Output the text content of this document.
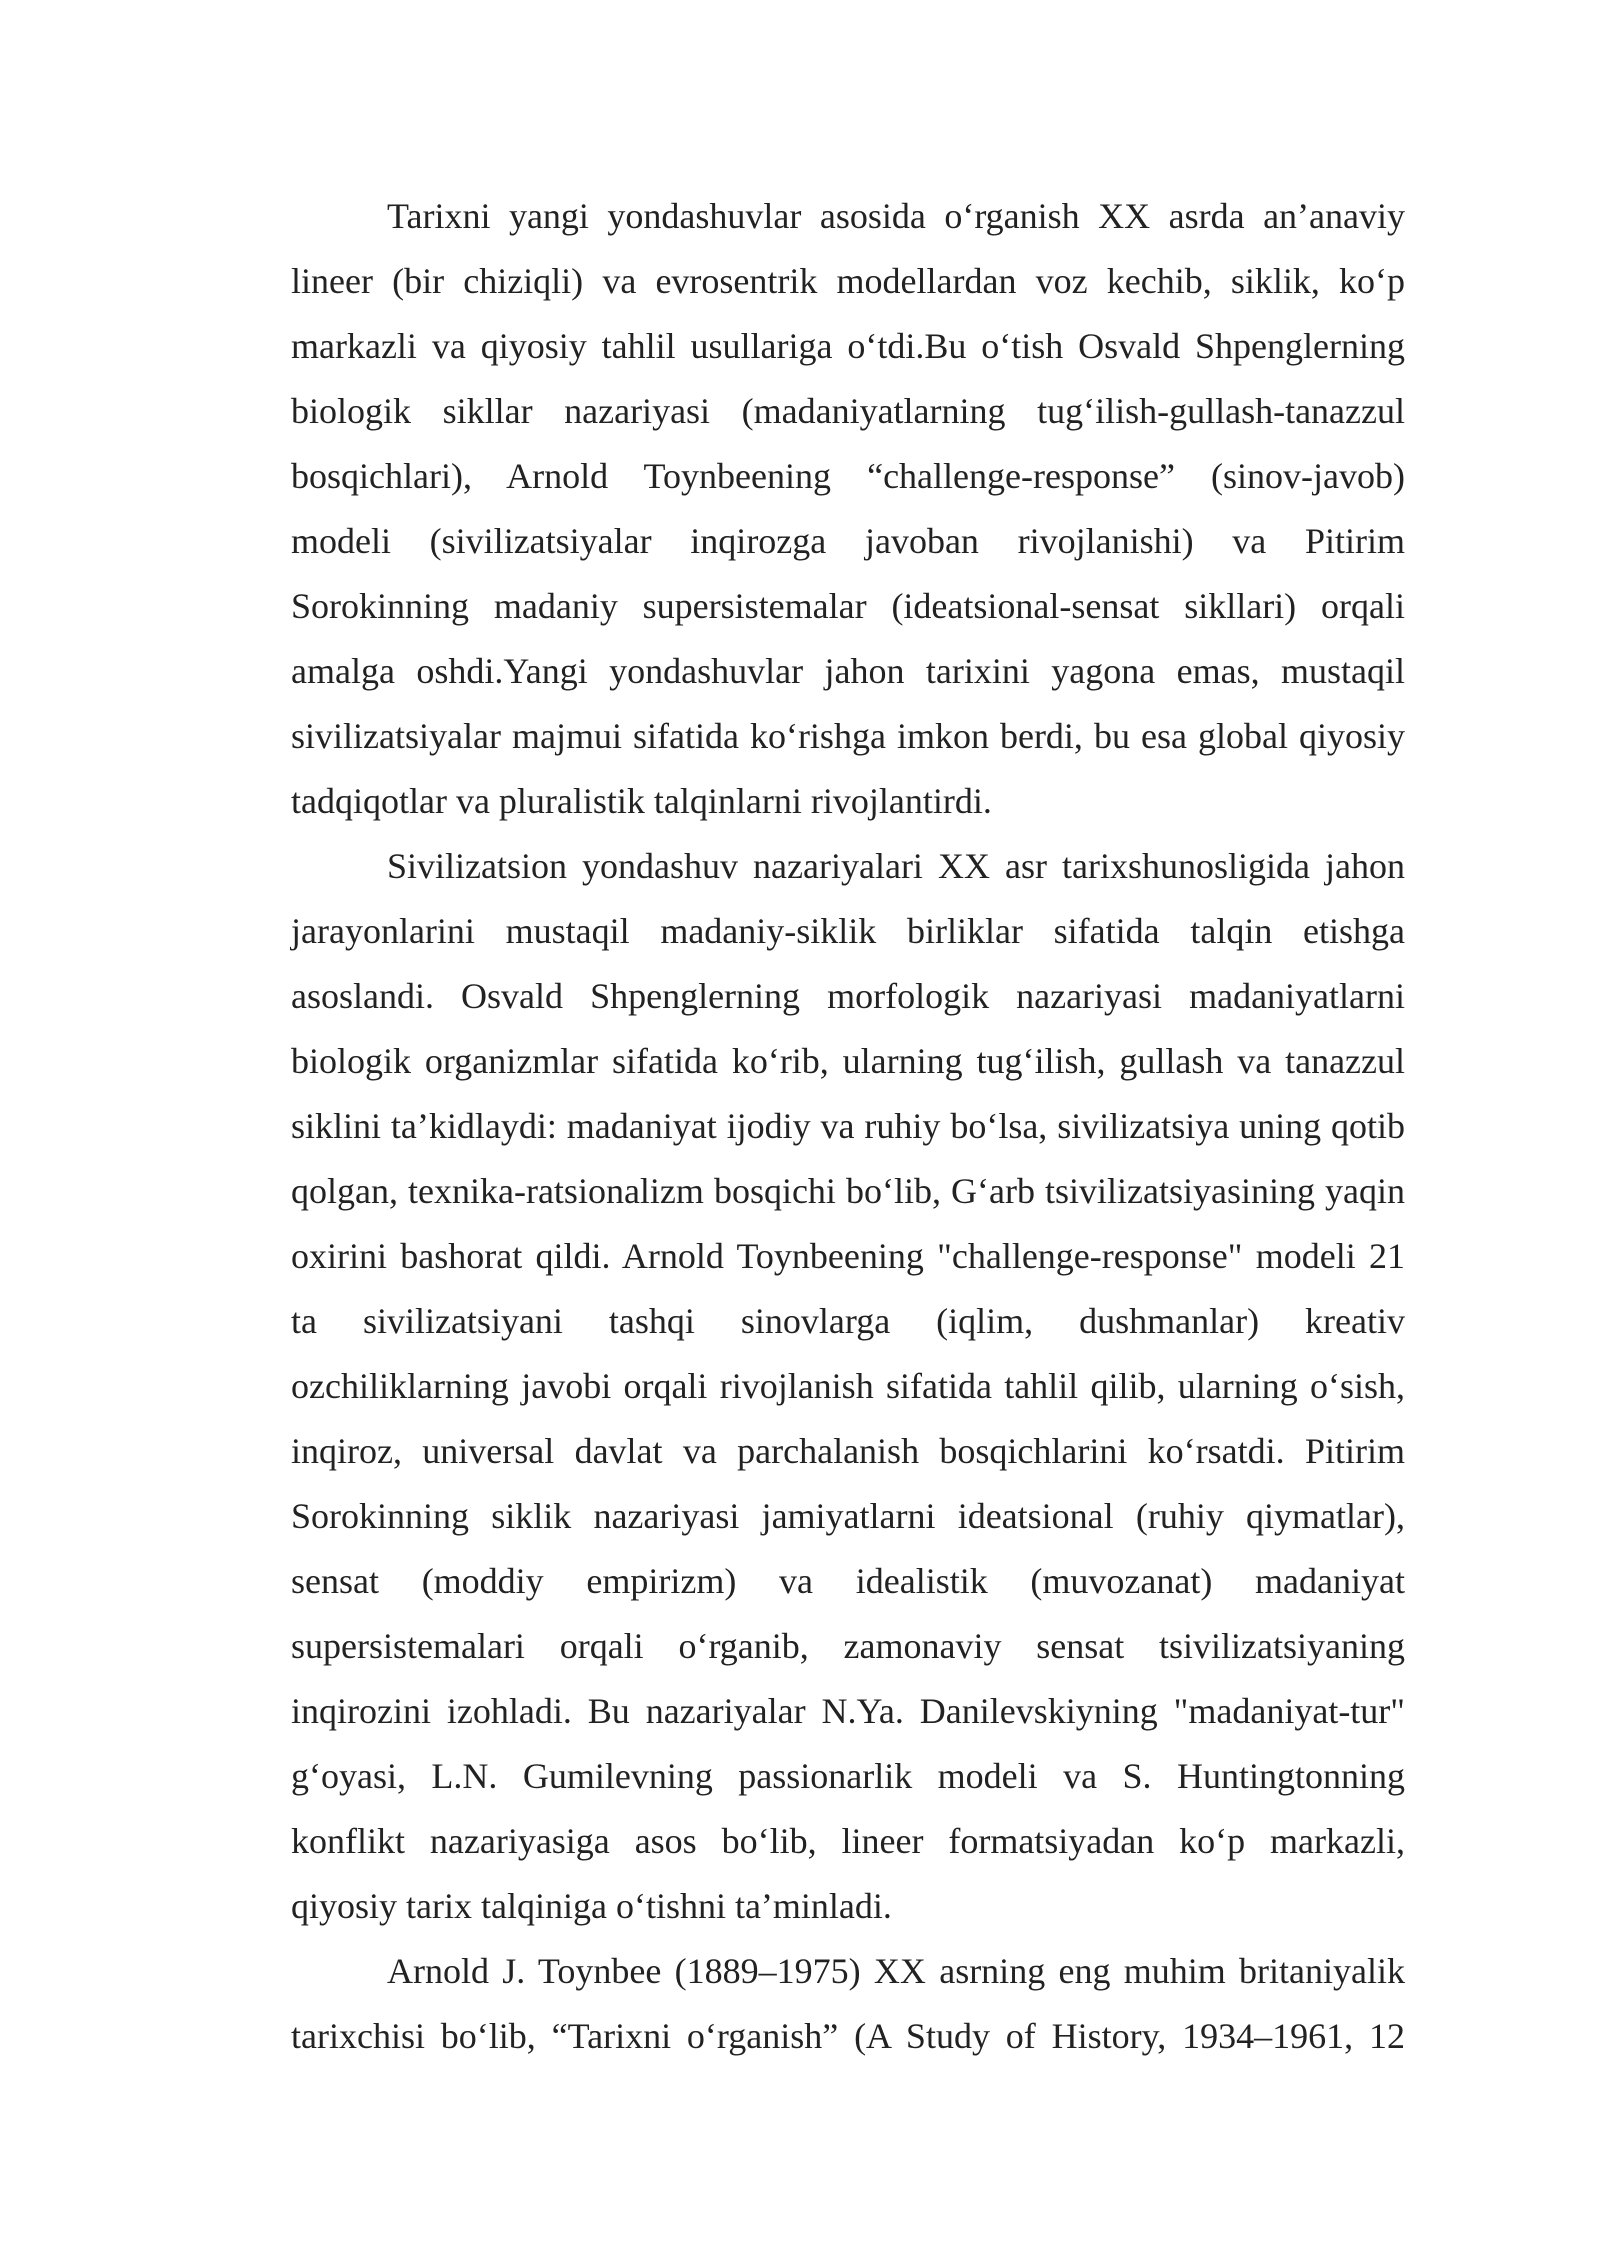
Tarixni yangi yondashuvlar asosida o‘rganish XX asrda an’anaviy lineer (bir chiziqli) va evrosentrik modellardan voz kechib, siklik, ko‘p markazli va qiyosiy tahlil usullariga o‘tdi.Bu o‘tish Osvald Shpenglerning biologik sikllar nazariyasi (madaniyatlarning tug‘ilish-gullash-tanazzul bosqichlari), Arnold Toynbeening “challenge-response” (sinov-javob) modeli (sivilizatsiyalar inqirozga javoban rivojlanishi) va Pitirim Sorokinning madaniy supersistemalar (ideatsional-sensat sikllari) orqali amalga oshdi.Yangi yondashuvlar jahon tarixini yagona emas, mustaqil sivilizatsiyalar majmui sifatida ko‘rishga imkon berdi, bu esa global qiyosiy tadqiqotlar va pluralistik talqinlarni rivojlantirdi.

Sivilizatsion yondashuv nazariyalari XX asr tarixshunosligida jahon jarayonlarini mustaqil madaniy-siklik birliklar sifatida talqin etishga asoslandi. Osvald Shpenglerning morfologik nazariyasi madaniyatlarni biologik organizmlar sifatida ko‘rib, ularning tug‘ilish, gullash va tanazzul siklini ta’kidlaydi: madaniyat ijodiy va ruhiy bo‘lsa, sivilizatsiya uning qotib qolgan, texnika-ratsionalizm bosqichi bo‘lib, G‘arb tsivilizatsiyasining yaqin oxirini bashorat qildi. Arnold Toynbeening "challenge-response" modeli 21 ta sivilizatsiyani tashqi sinovlarga (iqlim, dushmanlar) kreativ ozchiliklarning javobi orqali rivojlanish sifatida tahlil qilib, ularning o‘sish, inqiroz, universal davlat va parchalanish bosqichlarini ko‘rsatdi. Pitirim Sorokinning siklik nazariyasi jamiyatlarni ideatsional (ruhiy qiymatlar), sensat (moddiy empirizm) va idealistik (muvozanat) madaniyat supersistemalari orqali o‘rganib, zamonaviy sensat tsivilizatsiyaning inqirozini izohladi. Bu nazariyalar N.Ya. Danilevskiyning "madaniyat-tur" g‘oyasi, L.N. Gumilevning passionarlik modeli va S. Huntingtonning konflikt nazariyasiga asos bo‘lib, lineer formatsiyadan ko‘p markazli, qiyosiy tarix talqiniga o‘tishni ta’minladi.

Arnold J. Toynbee (1889–1975) XX asrning eng muhim britaniyalik tarixchisi bo‘lib, “Tarixni o‘rganish” (A Study of History, 1934–1961, 12
